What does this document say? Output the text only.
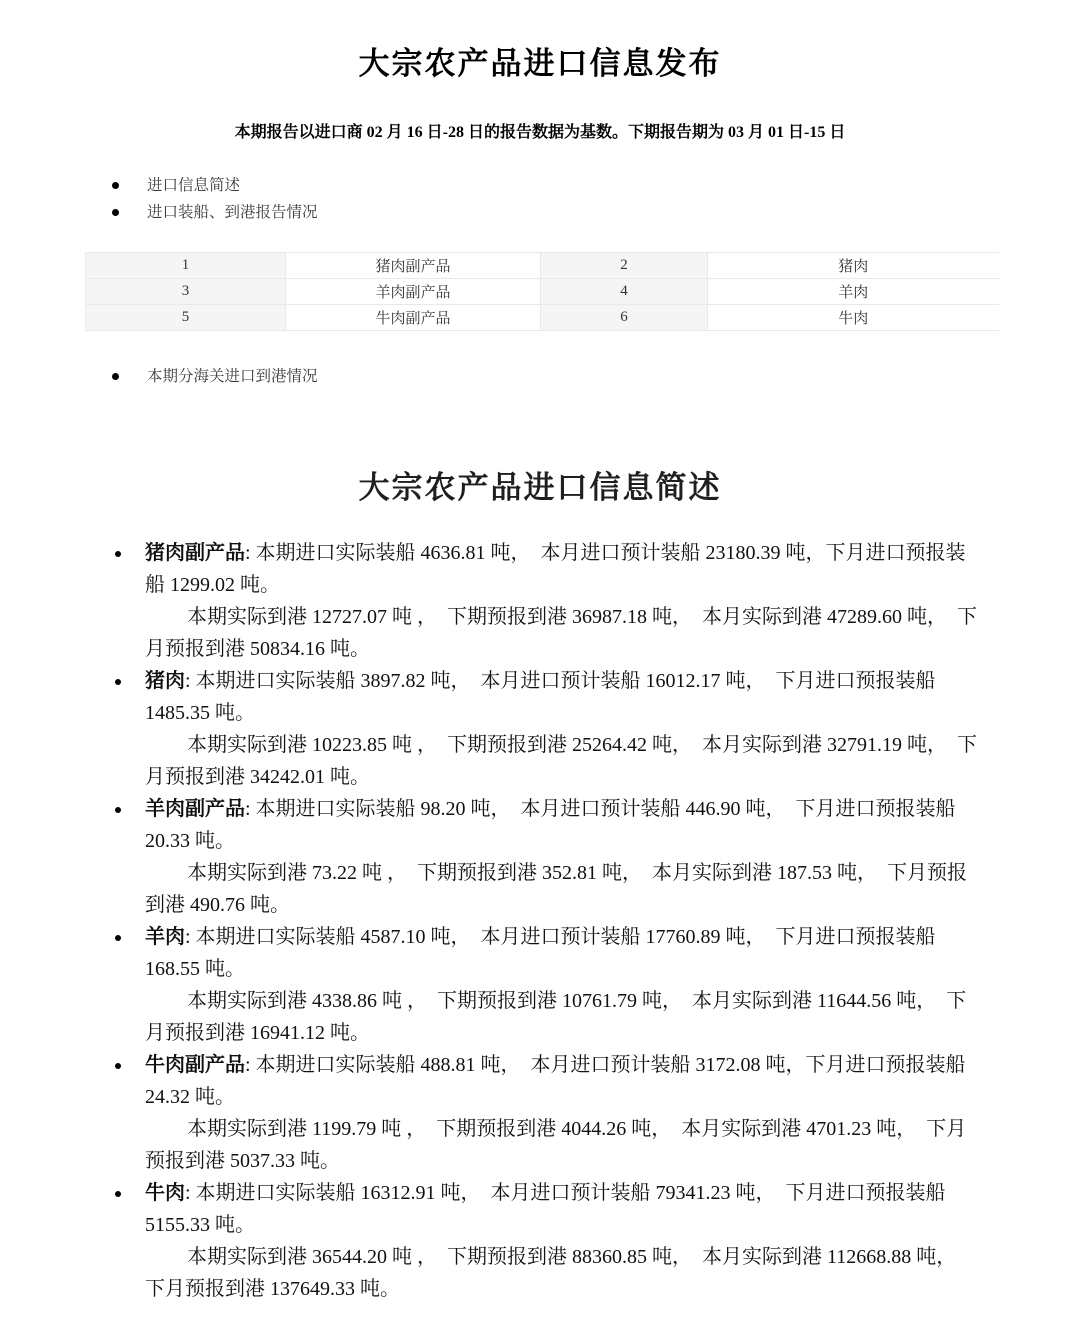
大宗农产品进口信息发布

本期报告以进口商 02 月 16 日-28 日的报告数据为基数。下期报告期为 03 月 01 日-15 日

进口信息简述
进口装船、到港报告情况
1	猪肉副产品	2	猪肉
3	羊肉副产品	4	羊肉
5	牛肉副产品	6	牛肉
本期分海关进口到港情况
大宗农产品进口信息简述
猪肉副产品: 本期进口实际装船 4636.81 吨，  本月进口预计装船 23180.39 吨，下月进口预报装船 1299.02 吨。

本期实际到港 12727.07 吨 ，  下期预报到港 36987.18 吨，  本月实际到港 47289.60 吨，  下月预报到港 50834.16 吨。

猪肉: 本期进口实际装船 3897.82 吨，  本月进口预计装船 16012.17 吨，  下月进口预报装船 1485.35 吨。

本期实际到港 10223.85 吨 ，  下期预报到港 25264.42 吨，  本月实际到港 32791.19 吨，  下月预报到港 34242.01 吨。

羊肉副产品: 本期进口实际装船 98.20 吨，  本月进口预计装船 446.90 吨，  下月进口预报装船 20.33 吨。

本期实际到港 73.22 吨 ，  下期预报到港 352.81 吨，  本月实际到港 187.53 吨，  下月预报到港 490.76 吨。

羊肉: 本期进口实际装船 4587.10 吨，  本月进口预计装船 17760.89 吨，  下月进口预报装船 168.55 吨。

本期实际到港 4338.86 吨 ，  下期预报到港 10761.79 吨，  本月实际到港 11644.56 吨，  下月预报到港 16941.12 吨。

牛肉副产品: 本期进口实际装船 488.81 吨，  本月进口预计装船 3172.08 吨，下月进口预报装船 24.32 吨。

本期实际到港 1199.79 吨 ，  下期预报到港 4044.26 吨，  本月实际到港 4701.23 吨，  下月预报到港 5037.33 吨。

牛肉: 本期进口实际装船 16312.91 吨，  本月进口预计装船 79341.23 吨，  下月进口预报装船 5155.33 吨。

本期实际到港 36544.20 吨 ，  下期预报到港 88360.85 吨，  本月实际到港 112668.88 吨，  下月预报到港 137649.33 吨。
